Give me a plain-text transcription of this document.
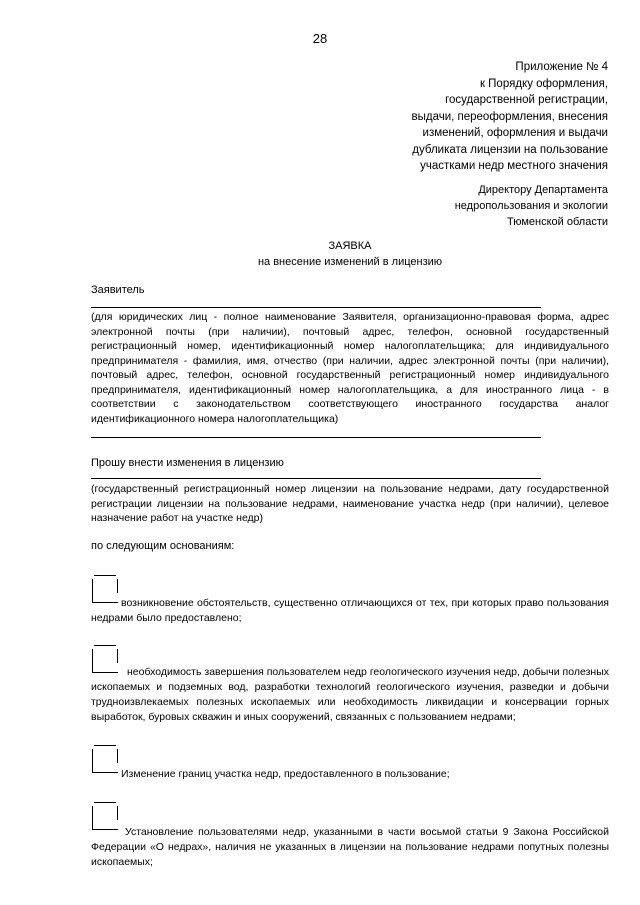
28
Приложение № 4
к Порядку оформления,
государственной регистрации,
выдачи, переоформления, внесения
изменений, оформления и выдачи
дубликата лицензии на пользование
участками недр местного значения
Директору Департамента
недропользования и экологии
Тюменской области
ЗАЯВКА
на внесение изменений в лицензию
Заявитель
(для юридических лиц - полное наименование Заявителя, организационно-правовая форма, адрес электронной почты (при наличии), почтовый адрес, телефон, основной государственный регистрационный номер, идентификационный номер налогоплательщика; для индивидуального предпринимателя - фамилия, имя, отчество (при наличии, адрес электронной почты (при наличии), почтовый адрес, телефон, основной государственный регистрационный номер индивидуального предпринимателя, идентификационный номер налогоплательщика, а для иностранного лица - в соответствии с законодательством соответствующего иностранного государства аналог идентификационного номера налогоплательщика)
Прошу внести изменения в лицензию
(государственный регистрационный номер лицензии на пользование недрами, дату государственной регистрации лицензии на пользование недрами, наименование участка недр (при наличии), целевое назначение работ на участке недр)
по следующим основаниям:
возникновение обстоятельств, существенно отличающихся от тех, при которых право пользования недрами было предоставлено;
необходимость завершения пользователем недр геологического изучения недр, добычи полезных ископаемых и подземных вод, разработки технологий геологического изучения, разведки и добычи трудноизвлекаемых полезных ископаемых или необходимость ликвидации и консервации горных выработок, буровых скважин и иных сооружений, связанных с пользованием недрами;
Изменение границ участка недр, предоставленного в пользование;
Установление пользователями недр, указанными в части восьмой статьи 9 Закона Российской Федерации «О недрах», наличия не указанных в лицензии на пользование недрами попутных полезны ископаемых;
